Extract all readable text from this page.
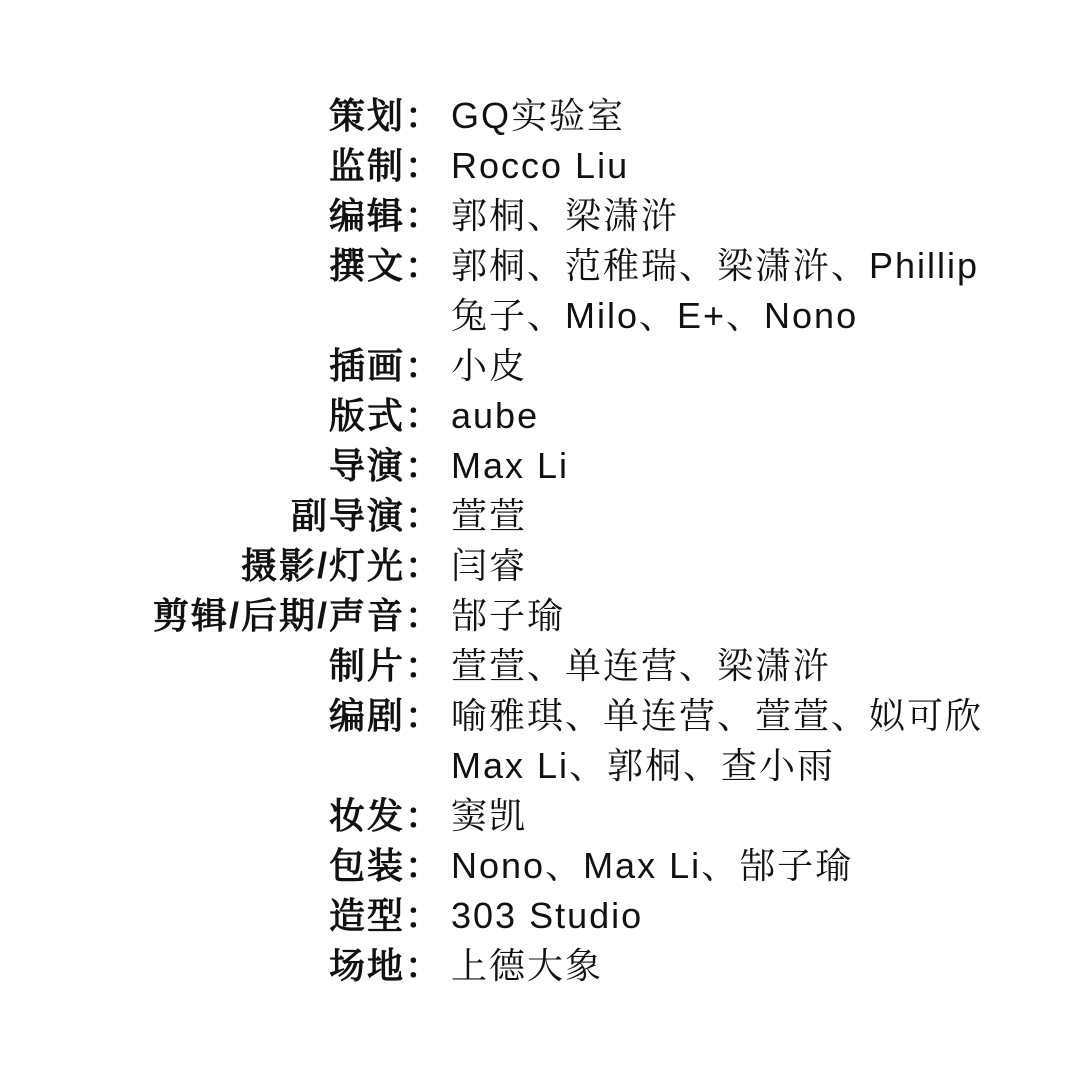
策划： GQ实验室
监制： Rocco Liu
编辑： 郭桐、梁潇浒
撰文： 郭桐、范稚瑞、梁潇浒、Phillip
兔子、Milo、E+、Nono
插画： 小皮
版式： aube
导演： Max Li
副导演： 萱萱
摄影/灯光： 闫睿
剪辑/后期/声音： 郜子瑜
制片： 萱萱、单连营、梁潇浒
编剧： 喻雅琪、单连营、萱萱、姒可欣
Max Li、郭桐、查小雨
妆发： 窦凯
包装： Nono、Max Li、郜子瑜
造型： 303 Studio
场地： 上德大象
